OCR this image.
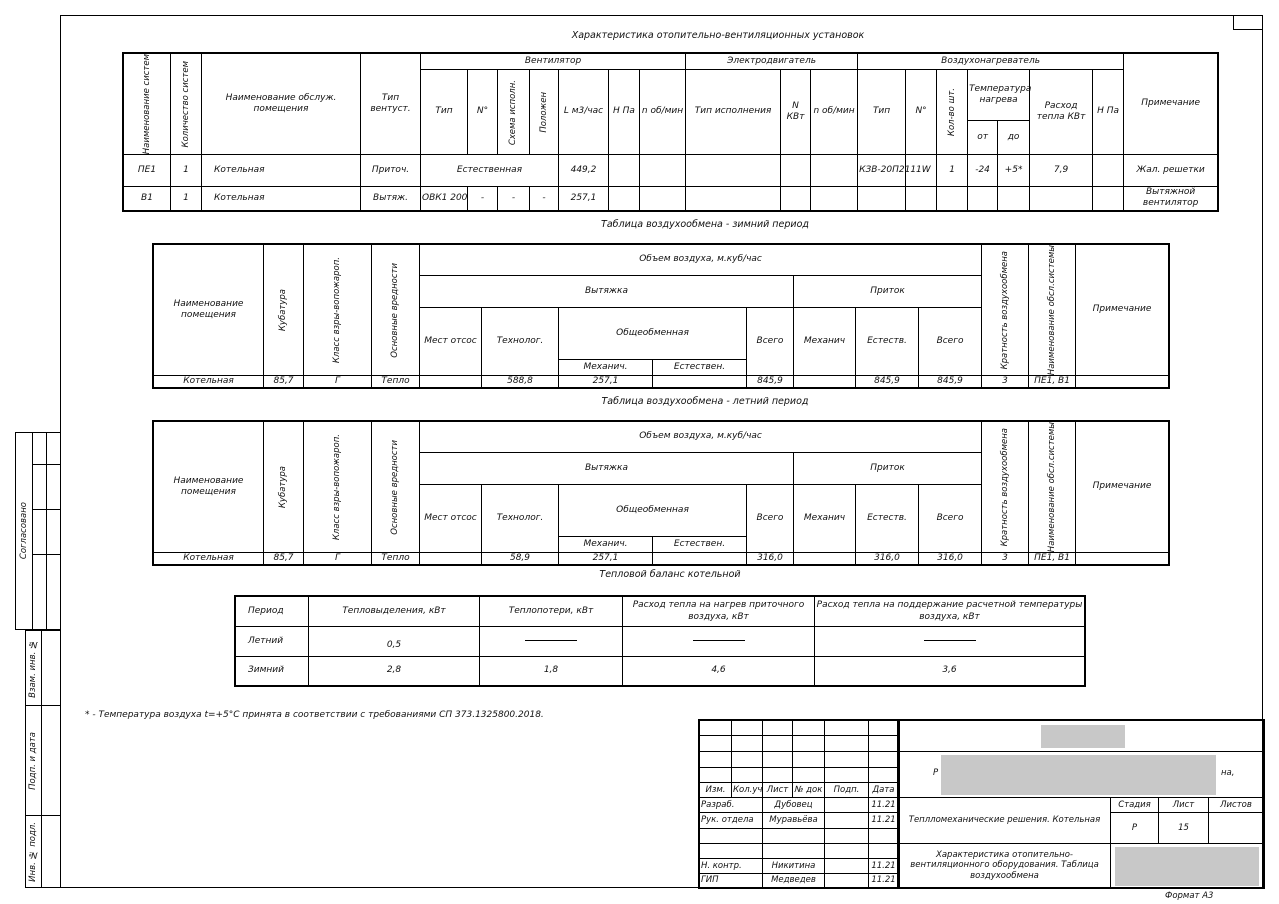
Согласовано		

Взам. инв. №	

Подп. и дата	

Инв. № подл.	

Характеристика отопительно-вентиляционных установок
Наименование систем	Количество систем	Наименование обслуж. помещения	Тип вентуст.	Вентилятор							Электродвигатель			Воздухонагреватель							Примечание
				Тип	N°	Схема исполн.	Положен	L м3/час	H Па	n об/мин	Тип исполнения	N КВт	n об/мин	Тип	N°	Кол-во шт.	Температура нагрева		Расход тепла КВт	H Па	
																	от	до			
ПЕ1	1	Котельная	Приточ.	Естественная				449,2						КЗВ-20П2111W		1	-24	+5*	7,9		Жал. решетки
В1	1	Котельная	Вытяж.	ОВК1 200	-	-	-	257,1													Вытяжной вентилятор
Таблица воздухообмена - зимний период
Таблица воздухообмена - летний период
Наименование помещения	Кубатура	Класс взры-вопожароп.	Основные вредности	Объем воздуха, м.куб/час								Кратность воздухообмена	Наименование обсл.системы	Примечание
				Вытяжка					Приток					
				Мест отсос	Технолог.	Общеобменная		Всего	Механич	Естеств.	Всего			
						Механич.	Естествен.							
Котельная	85,7	Г	Тепло		588,8	257,1		845,9		845,9	845,9	3	ПЕ1, В1	
Наименование помещения	Кубатура	Класс взры-вопожароп.	Основные вредности	Объем воздуха, м.куб/час								Кратность воздухообмена	Наименование обсл.системы	Примечание
				Вытяжка					Приток					
				Мест отсос	Технолог.	Общеобменная		Всего	Механич	Естеств.	Всего			
						Механич.	Естествен.							
Котельная	85,7	Г	Тепло		58,9	257,1		316,0		316,0	316,0	3	ПЕ1, В1	
Тепловой баланс котельной
Период	Тепловыделения, кВт	Теплопотери, кВт	Расход тепла на нагрев приточного воздуха, кВт	Расход тепла на поддержание расчетной температуры воздуха, кВт
Летний	0,5			
Зимний	2,8	1,8	4,6	3,6
* - Температура воздуха t=+5°С принята в соответствии с требованиями СП 373.1325800.2018.

Изм.	Кол.уч	Лист	№ док	Подп.	Дата
Разраб.		Дубовец			11.21
Рук. отдела		Муравьёва			11.21

Н. контр.		Никитина			11.21
ГИП		Медведев			11.21

Р на,			

Теплломеханические решения. Котельная	Стадия	Лист	Листов
	Р	15	
Характеристика отопительно-вентиляционного оборудования. Таблица воздухообмена			
Формат А3
